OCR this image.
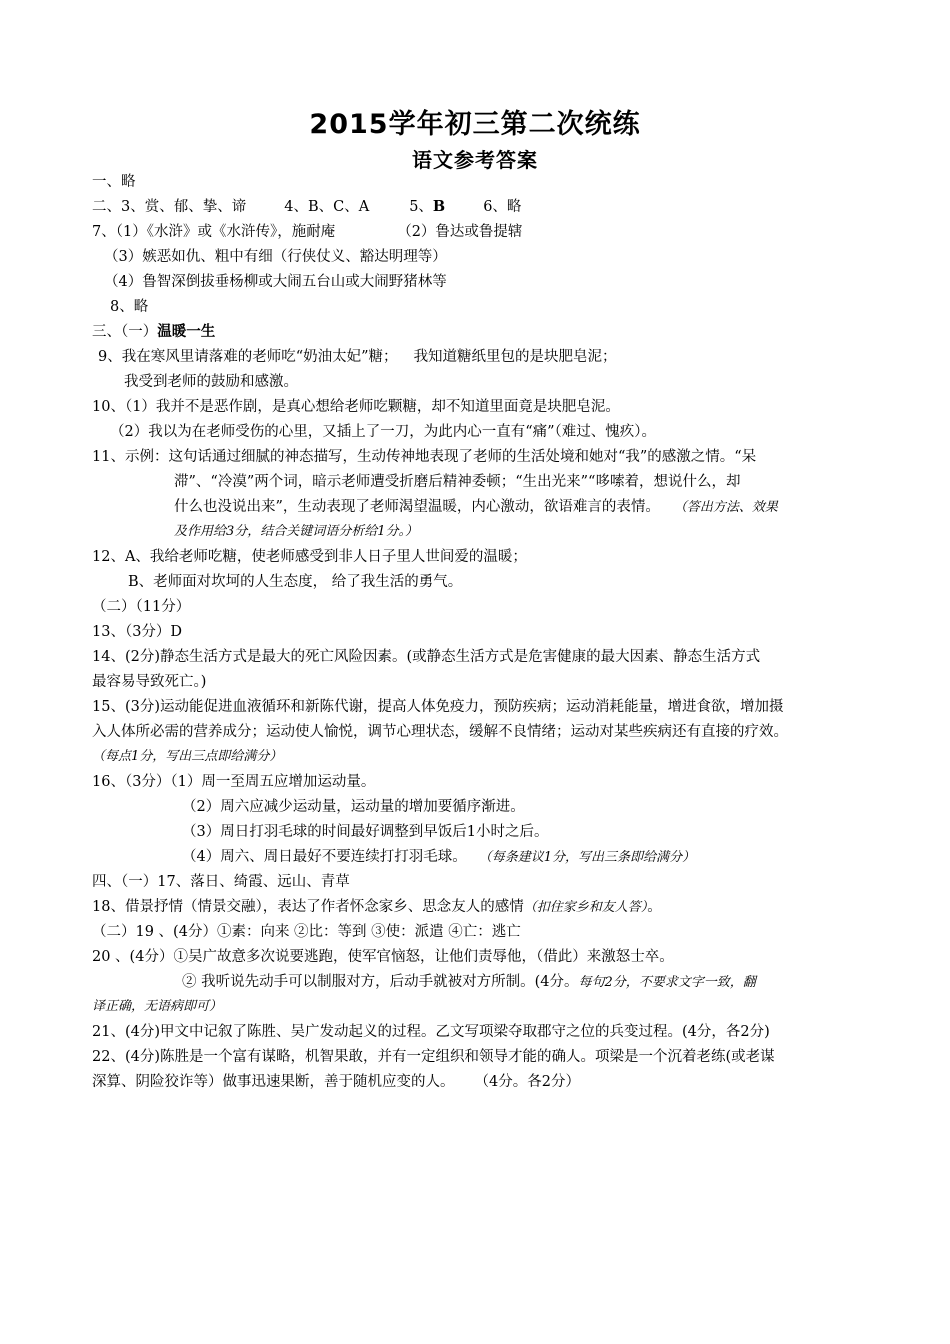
2015学年初三第二次统练
语文参考答案
一、略
二、3、赏、郁、挚、谛	4、B、C、A	5、B	6、略
7、（1）《水浒》或《水浒传》，施耐庵	（2）鲁达或鲁提辖
（3）嫉恶如仇、粗中有细（行侠仗义、豁达明理等）
（4）鲁智深倒拔垂杨柳或大闹五台山或大闹野猪林等
8、略
三、（一）温暖一生
9、我在寒风里请落难的老师吃“奶油太妃”糖； 我知道糖纸里包的是块肥皂泥；
我受到老师的鼓励和感激。
10、（1）我并不是恶作剧，是真心想给老师吃颗糖，却不知道里面竟是块肥皂泥。
（2）我以为在老师受伤的心里，又插上了一刀，为此内心一直有“痛”（难过、愧疚）。
11、示例：这句话通过细腻的神态描写，生动传神地表现了老师的生活处境和她对“我”的感激之情。“呆
滞”、“冷漠”两个词，暗示老师遭受折磨后精神委顿；“生出光来”“哆嗦着，想说什么，却
什么也没说出来”，生动表现了老师渴望温暖，内心激动，欲语难言的表情。 （答出方法、效果
及作用给3分，结合关键词语分析给1分。）
12、A、我给老师吃糖，使老师感受到非人日子里人世间爱的温暖；
B、老师面对坎坷的人生态度， 给了我生活的勇气。
（二）（11分）
13、（3分）D
14、(2分)静态生活方式是最大的死亡风险因素。(或静态生活方式是危害健康的最大因素、静态生活方式
最容易导致死亡。)
15、(3分)运动能促进血液循环和新陈代谢，提高人体免疫力，预防疾病；运动消耗能量，增进食欲，增加摄
入人体所必需的营养成分；运动使人愉悦，调节心理状态，缓解不良情绪；运动对某些疾病还有直接的疗效。
（每点1分，写出三点即给满分）
16、（3分）（1）周一至周五应增加运动量。
（2）周六应减少运动量，运动量的增加要循序渐进。
（3）周日打羽毛球的时间最好调整到早饭后1小时之后。
（4）周六、周日最好不要连续打打羽毛球。 （每条建议1分，写出三条即给满分）
四、（一）17、落日、绮霞、远山、青草
18、借景抒情（情景交融），表达了作者怀念家乡、思念友人的感情（扣住家乡和友人答）。
（二）19 、(4分）①素：向来 ②比：等到 ③使：派遣 ④亡：逃亡
20 、(4分）①吴广故意多次说要逃跑，使军官恼怒，让他们责辱他，（借此）来激怒士卒。
② 我听说先动手可以制服对方，后动手就被对方所制。(4分。每句2分，不要求文字一致，翻
译正确，无语病即可）
21、(4分)甲文中记叙了陈胜、吴广发动起义的过程。乙文写项梁夺取郡守之位的兵变过程。(4分，各2分)
22、(4分)陈胜是一个富有谋略，机智果敢，并有一定组织和领导才能的确人。项梁是一个沉着老练(或老谋
深算、阴险狡诈等）做事迅速果断，善于随机应变的人。 （4分。各2分）
